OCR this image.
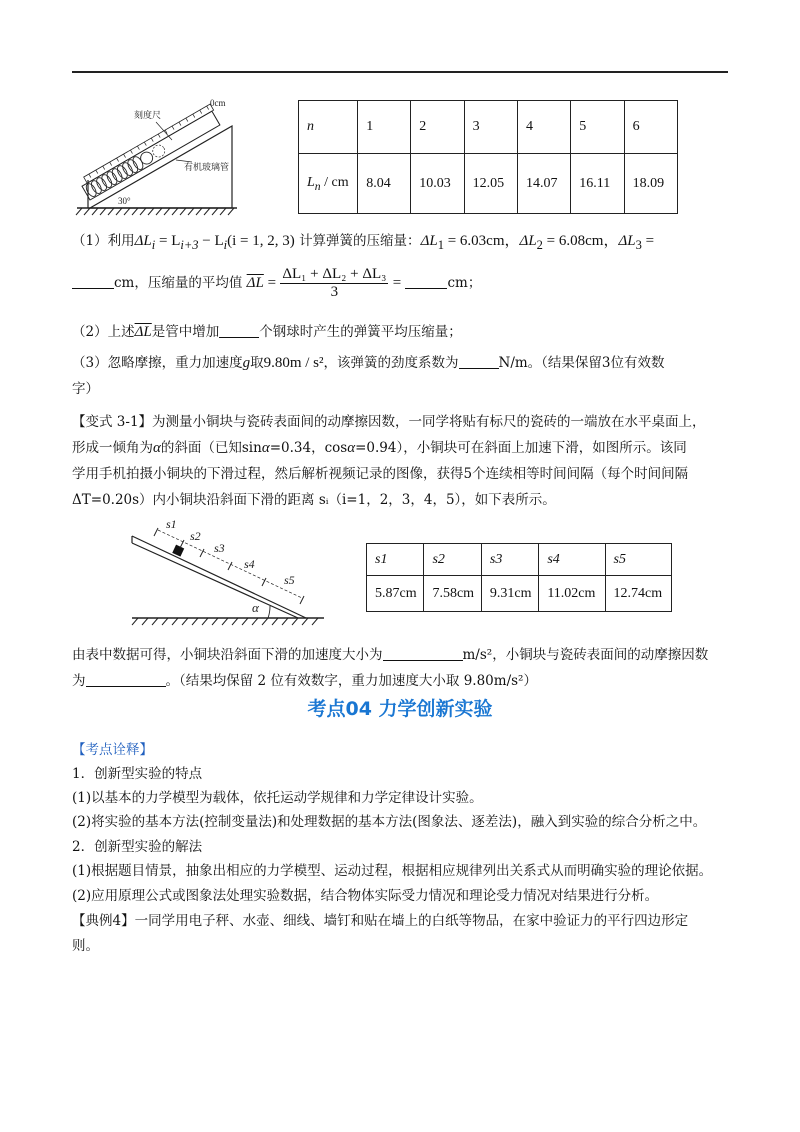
刻度尺
0cm
有机玻璃管
30°
n	1	2	3	4	5	6
$L_n$ / cm	8.04	10.03	12.05	14.07	16.11	18.09
（1）利用$\Delta L_i = L_{i+3} - L_i(i = 1$, 2, 3) 计算弹簧的压缩量：$\Delta L_1 = 6.03cm$，$\Delta L_2 = 6.08cm$，$\Delta L_3$ =
cm，压缩量的平均值 $\overline{\Delta L} = \frac{\text{ΔL₁ + ΔL₂ + ΔL₃}}{3}$ =	cm；
（2）上述$\overline{\Delta L}$是管中增加	个钢球时产生的弹簧平均压缩量；
（3）忽略摩擦，重力加速度g取9.80m / s²，该弹簧的劲度系数为	N/m。（结果保留3位有效数
字）
【变式 3-1】为测量小铜块与瓷砖表面间的动摩擦因数，一同学将贴有标尺的瓷砖的一端放在水平桌面上，
形成一倾角为α的斜面（已知sinα=0.34，cosα=0.94），小铜块可在斜面上加速下滑，如图所示。该同
学用手机拍摄小铜块的下滑过程，然后解析视频记录的图像，获得5个连续相等时间间隔（每个时间间隔
ΔT=0.20s）内小铜块沿斜面下滑的距离 sᵢ（i=1，2，3，4，5），如下表所示。
s1
s2
s3
s4
s5
α
s1	s2	s3	s4	s5
5.87cm	7.58cm	9.31cm	11.02cm	12.74cm
由表中数据可得，小铜块沿斜面下滑的加速度大小为	m/s²，小铜块与瓷砖表面间的动摩擦因数
为	。（结果均保留 2 位有效数字，重力加速度大小取 9.80m/s²）
考点04 力学创新实验
【考点诠释】
1．创新型实验的特点
(1)以基本的力学模型为载体，依托运动学规律和力学定律设计实验。
(2)将实验的基本方法(控制变量法)和处理数据的基本方法(图象法、逐差法)，融入到实验的综合分析之中。
2．创新型实验的解法
(1)根据题目情景，抽象出相应的力学模型、运动过程，根据相应规律列出关系式从而明确实验的理论依据。
(2)应用原理公式或图象法处理实验数据，结合物体实际受力情况和理论受力情况对结果进行分析。
【典例4】一同学用电子秤、水壶、细线、墙钉和贴在墙上的白纸等物品，在家中验证力的平行四边形定
则。
